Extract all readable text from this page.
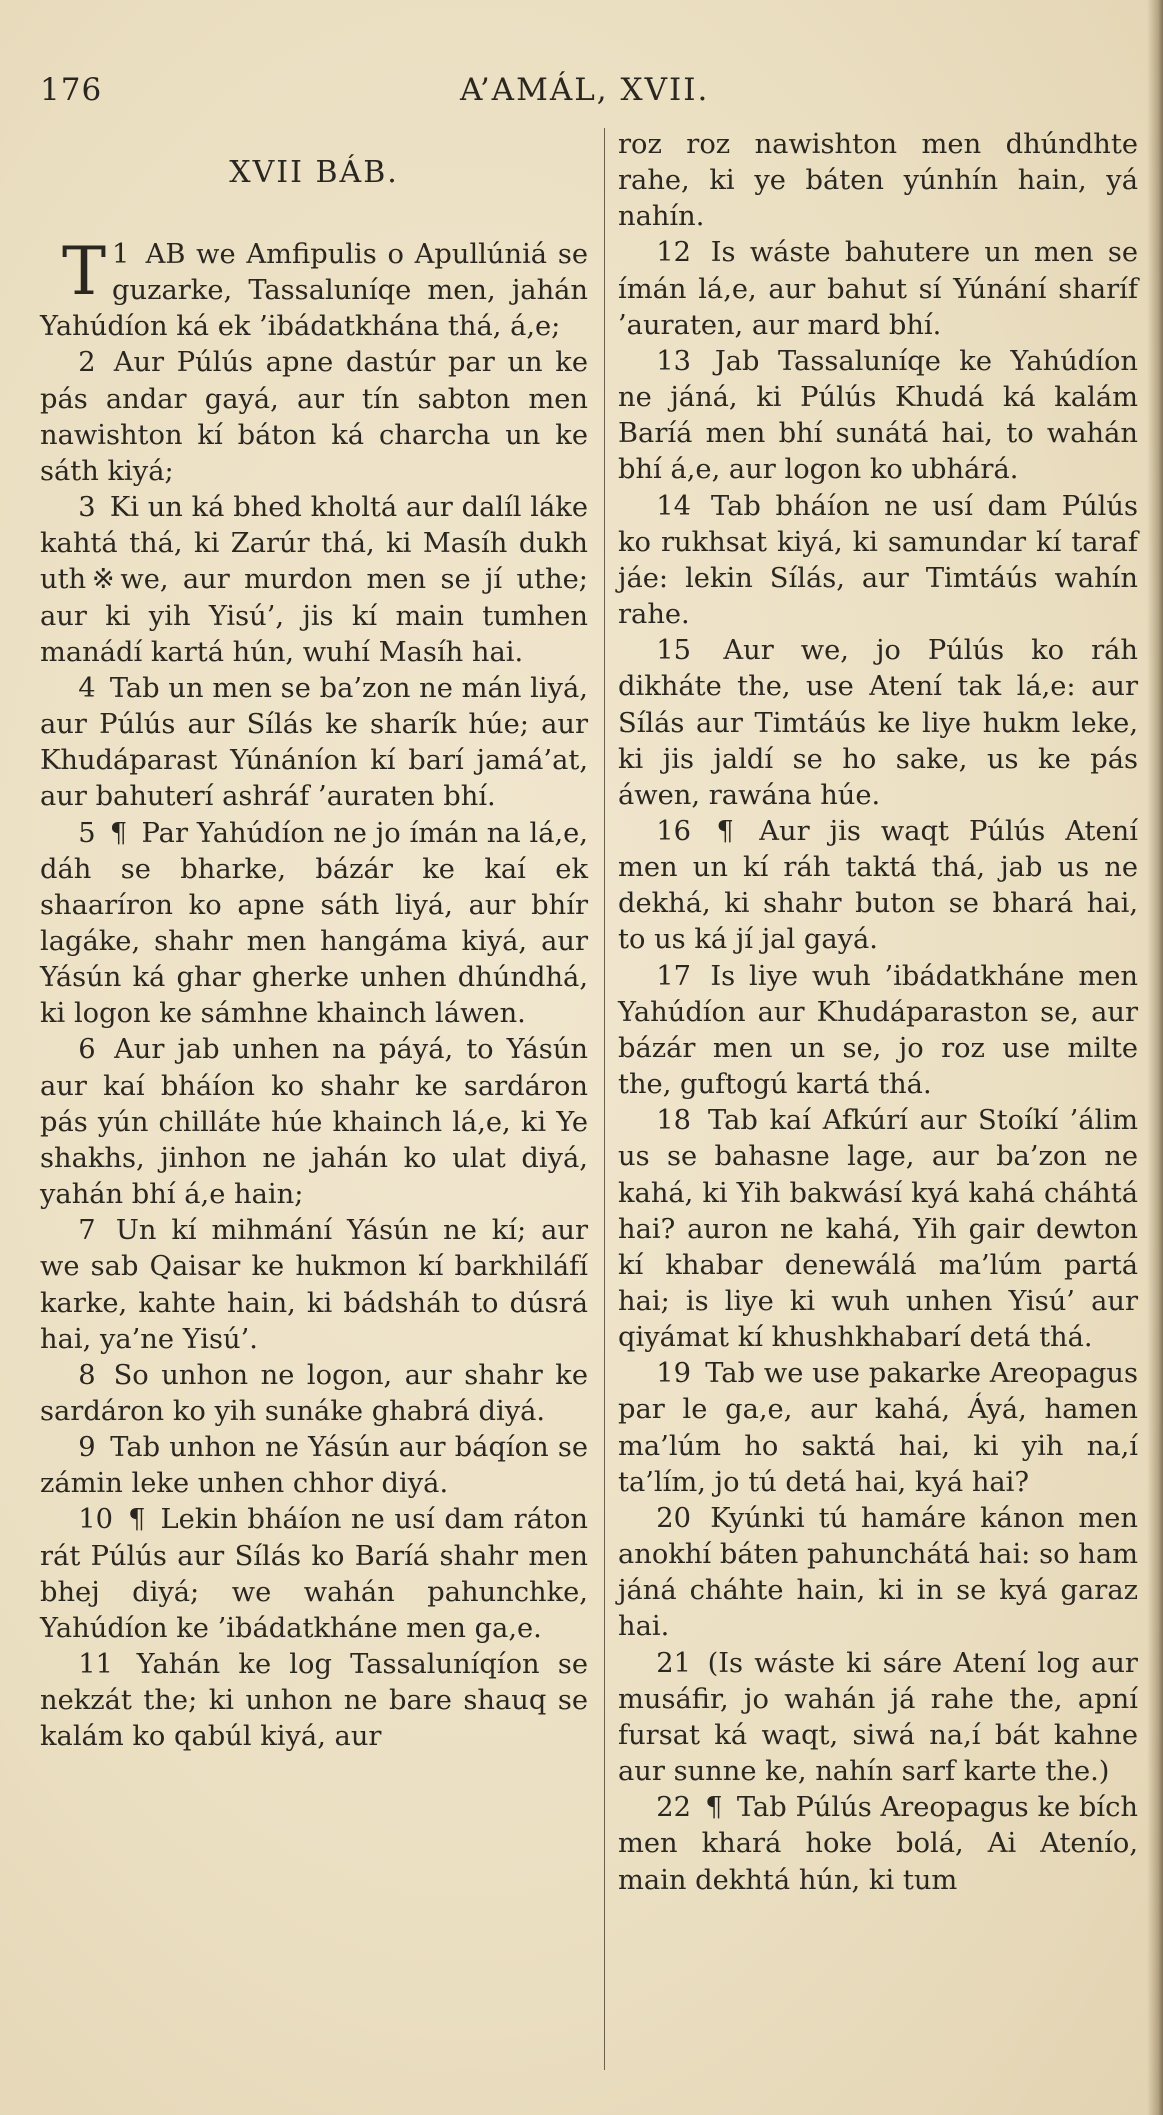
176	A’AMÁL, XVII.

XVII BÁB.

1
T AB we Amfipulis o Apullúniá se guzarke, Tassaluníqe men, jahán Yahúdíon ká ek ’ibádatkhána thá, á,e;

2 Aur Púlús apne dastúr par un ke pás andar gayá, aur tín sabton men nawishton kí báton ká charcha un ke sáth kiyá;

3 Ki un ká bhed kholtá aur dalíl láke kahtá thá, ki Zarúr thá, ki Masíh dukh uth※we, aur murdon men se jí uthe; aur ki yih Yisú’, jis kí main tumhen manádí kartá hún, wuhí Masíh hai.

4 Tab un men se ba’zon ne mán liyá, aur Púlús aur Sílás ke sharík húe; aur Khudáparast Yúnáníon kí barí jamá’at, aur bahuterí ashráf ’auraten bhí.

5 ¶ Par Yahúdíon ne jo ímán na lá,e, dáh se bharke, bázár ke kaí ek shaaríron ko apne sáth liyá, aur bhír lagáke, shahr men hangáma kiyá, aur Yásún ká ghar gherke unhen dhúndhá, ki logon ke sámhne khainch láwen.

6 Aur jab unhen na páyá, to Yásún aur kaí bháíon ko shahr ke sardáron pás yún chilláte húe khainch lá,e, ki Ye shakhs, jinhon ne jahán ko ulat diyá, yahán bhí á,e hain;

7 Un kí mihmání Yásún ne kí; aur we sab Qaisar ke hukmon kí barkhiláfí karke, kahte hain, ki bádsháh to dúsrá hai, ya’ne Yisú’.

8 So unhon ne logon, aur shahr ke sardáron ko yih sunáke ghabrá diyá.

9 Tab unhon ne Yásún aur báqíon se zámin leke unhen chhor diyá.

10 ¶ Lekin bháíon ne usí dam ráton rát Púlús aur Sílás ko Baríá shahr men bhej diyá; we wahán pahunchke, Yahúdíon ke ’ibádatkháne men ga,e.

11 Yahán ke log Tassaluníqíon se nekzát the; ki unhon ne bare shauq se kalám ko qabúl kiyá, aur

roz roz nawishton men dhúndhte rahe, ki ye báten yúnhín hain, yá nahín.

12 Is wáste bahutere un men se ímán lá,e, aur bahut sí Yúnání sharíf ’auraten, aur mard bhí.

13 Jab Tassaluníqe ke Yahúdíon ne jáná, ki Púlús Khudá ká kalám Baríá men bhí sunátá hai, to wahán bhí á,e, aur logon ko ubhárá.

14 Tab bháíon ne usí dam Púlús ko rukhsat kiyá, ki samundar kí taraf jáe: lekin Sílás, aur Timtáús wahín rahe.

15 Aur we, jo Púlús ko ráh dikháte the, use Atení tak lá,e: aur Sílás aur Timtáús ke liye hukm leke, ki jis jaldí se ho sake, us ke pás áwen, rawána húe.

16 ¶ Aur jis waqt Púlús Atení men un kí ráh taktá thá, jab us ne dekhá, ki shahr buton se bhará hai, to us ká jí jal gayá.

17 Is liye wuh ’ibádatkháne men Yahúdíon aur Khudáparaston se, aur bázár men un se, jo roz use milte the, guftogú kartá thá.

18 Tab kaí Afkúrí aur Stoíkí ’álim us se bahasne lage, aur ba’zon ne kahá, ki Yih bakwásí kyá kahá cháhtá hai? auron ne kahá, Yih gair dewton kí khabar denewálá ma’lúm partá hai; is liye ki wuh unhen Yisú’ aur qiyámat kí khushkhabarí detá thá.

19 Tab we use pakarke Areopagus par le ga,e, aur kahá, Áyá, hamen ma’lúm ho saktá hai, ki yih na,í ta’lím, jo tú detá hai, kyá hai?

20 Kyúnki tú hamáre kánon men anokhí báten pahunchátá hai: so ham jáná cháhte hain, ki in se kyá garaz hai.

21 (Is wáste ki sáre Atení log aur musáfir, jo wahán já rahe the, apní fursat ká waqt, siwá na,í bát kahne aur sunne ke, nahín sarf karte the.)

22 ¶ Tab Púlús Areopagus ke bích men khará hoke bolá, Ai Atenío, main dekhtá hún, ki tum
